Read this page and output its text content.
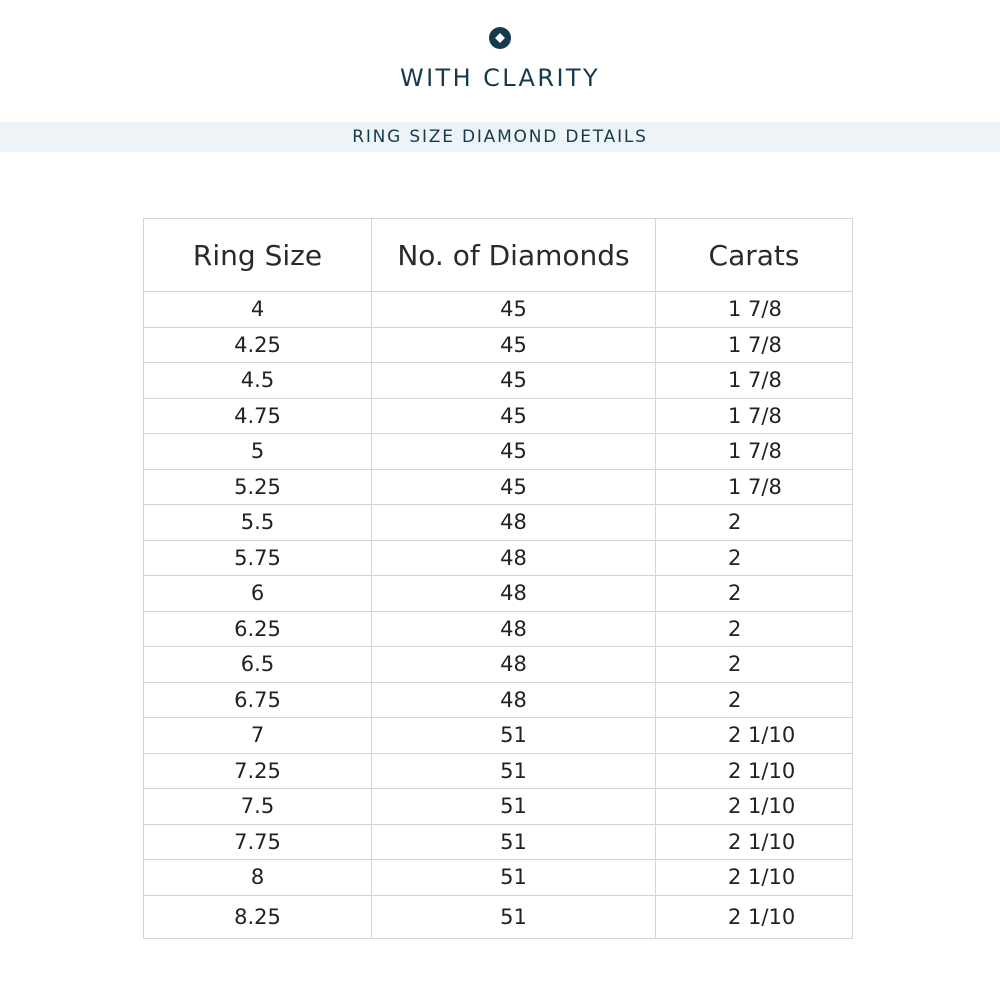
WITH CLARITY
RING SIZE DIAMOND DETAILS
Ring Size	No. of Diamonds	Carats
4	45	1 7/8
4.25	45	1 7/8
4.5	45	1 7/8
4.75	45	1 7/8
5	45	1 7/8
5.25	45	1 7/8
5.5	48	2
5.75	48	2
6	48	2
6.25	48	2
6.5	48	2
6.75	48	2
7	51	2 1/10
7.25	51	2 1/10
7.5	51	2 1/10
7.75	51	2 1/10
8	51	2 1/10
8.25	51	2 1/10
